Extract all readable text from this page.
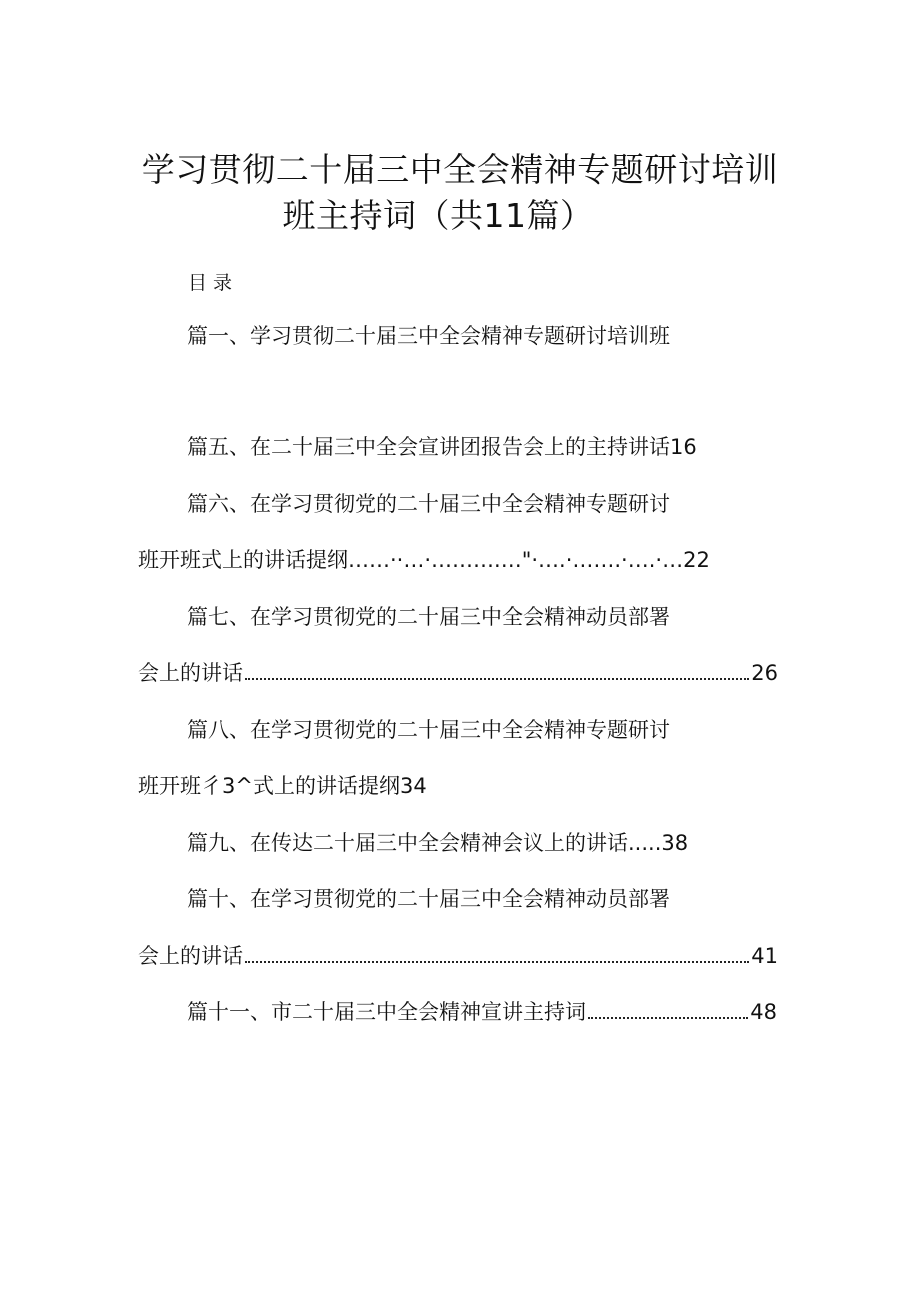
学习贯彻二十届三中全会精神专题研讨培训
班主持词（共11篇）
目录
篇一、学习贯彻二十届三中全会精神专题研讨培训班
篇五、在二十届三中全会宣讲团报告会上的主持讲话16
篇六、在学习贯彻党的二十届三中全会精神专题研讨
班开班式上的讲话提纲……··…·……….…"·….·…….·….·…22
篇七、在学习贯彻党的二十届三中全会精神动员部署
会上的讲话	26
篇八、在学习贯彻党的二十届三中全会精神专题研讨
班开班彳3^式上的讲话提纲34
篇九、在传达二十届三中全会精神会议上的讲话.....38
篇十、在学习贯彻党的二十届三中全会精神动员部署
会上的讲话	41
篇十一、市二十届三中全会精神宣讲主持词	48
